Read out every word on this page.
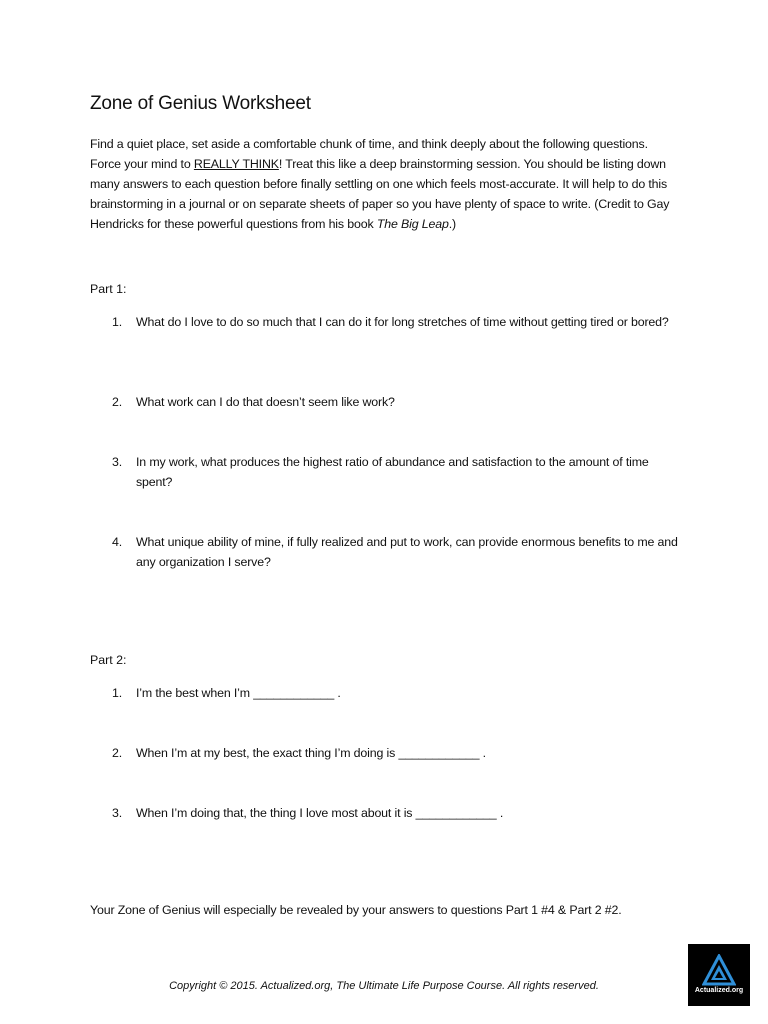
Zone of Genius Worksheet

Find a quiet place, set aside a comfortable chunk of time, and think deeply about the following questions. Force your mind to REALLY THINK! Treat this like a deep brainstorming session. You should be listing down many answers to each question before finally settling on one which feels most-accurate. It will help to do this brainstorming in a journal or on separate sheets of paper so you have plenty of space to write. (Credit to Gay Hendricks for these powerful questions from his book The Big Leap.)

Part 1:

1.	What do I love to do so much that I can do it for long stretches of time without getting tired or bored?
2.	What work can I do that doesn’t seem like work?
3.	In my work, what produces the highest ratio of abundance and satisfaction to the amount of time spent?
4.	What unique ability of mine, if fully realized and put to work, can provide enormous benefits to me and any organization I serve?

Part 2:

1.	I’m the best when I’m ____________ .
2.	When I’m at my best, the exact thing I’m doing is ____________ .
3.	When I’m doing that, the thing I love most about it is ____________ .

Your Zone of Genius will especially be revealed by your answers to questions Part 1 #4 & Part 2 #2.

Copyright © 2015. Actualized.org, The Ultimate Life Purpose Course. All rights reserved.	Actualized.org
